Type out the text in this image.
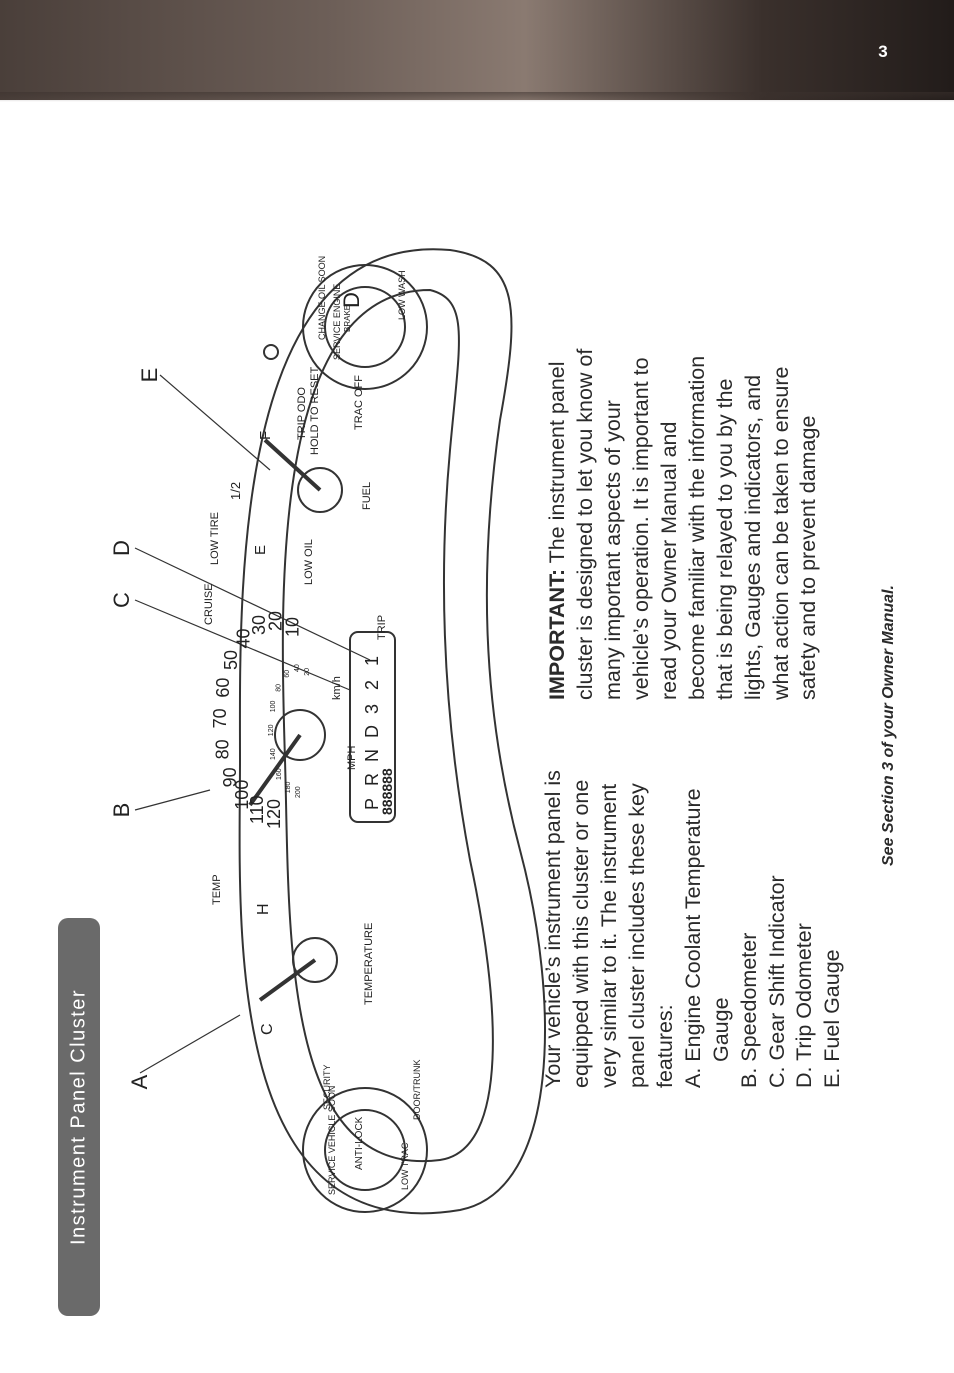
3
Instrument Panel Cluster
TEMPERATURE
C
H
TEMP
MPH
km/h
CRUISE
TRIP
FUEL
E
1/2
F TRIP ODO HOLD TO RESET
LOW TIRE	LOW OIL
TRAC OFF
ANTI-LOCK
SERVICE VEHICLE SOON
SECURITY	DOOR/TRUNK
LOW TRAC
SERVICE ENGINE
CHANGE OIL SOON	LOW WASH
BRAKE
10
20
30
40
50
60
70
80
90
100
110
120
20
40
60
80
100
120
140
160
180 200
P
R
N
D
3
2
1
888888
A
B
C
D
E
D

Your vehicle’s instrument panel is equipped with this cluster or one very similar to it. The instrument panel cluster includes these key features: A. Engine Coolant Temperature Gauge B. Speedometer C. Gear Shift Indicator D. Trip Odometer E. Fuel Gauge
IMPORTANT: The instrument panel cluster is designed to let you know of many important aspects of your vehicle’s operation. It is important to read your Owner Manual and become familiar with the information that is being relayed to you by the lights, Gauges and indicators, and what action can be taken to ensure safety and to prevent damage
See Section 3 of your Owner Manual.
